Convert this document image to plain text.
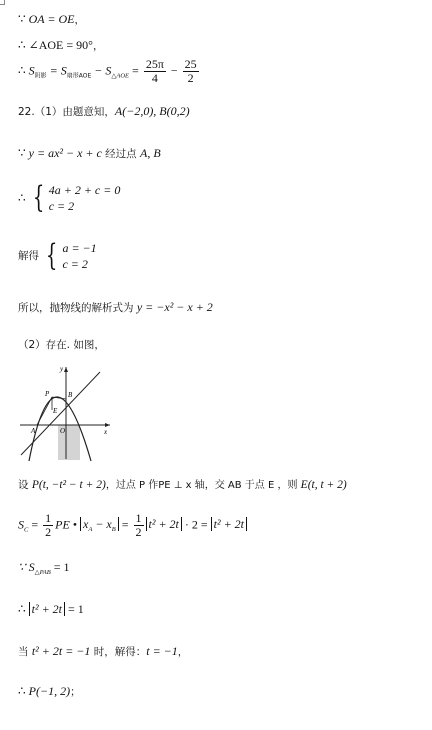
∵ OA = OE，
∴ ∠AOE = 90°，
∴ $S_{阴影} = S_{扇形AOE} - S_{\triangle AOE} = \frac{25\pi}{4} - \frac{25}{2}$
22.（1）由题意知，A(−2,0), B(0,2)
∵ y = ax² − x + c 经过点 A, B
∴ { 4a + 2 + c = 0
c = 2
解得 { a = −1
c = 2
所以，抛物线的解析式为 y = −x² − x + 2
（2）存在. 如图，
y
x
P	B
E
A	O
设 P(t, −t² − t + 2)，过点 P 作PE ⊥ x 轴，交 AB 于点 E ，则 E(t, t + 2)
$S_C = \frac{1}{2}$ PE • $x_A - x_B = \frac{1}{2} t^2 + 2t \cdot 2 = t^2 + 2t$
∵ $S_{\triangle PAB} = 1$
∴ t² + 2t = 1
当 t² + 2t = −1 时，解得：t = −1，
∴ P(−1, 2)；
